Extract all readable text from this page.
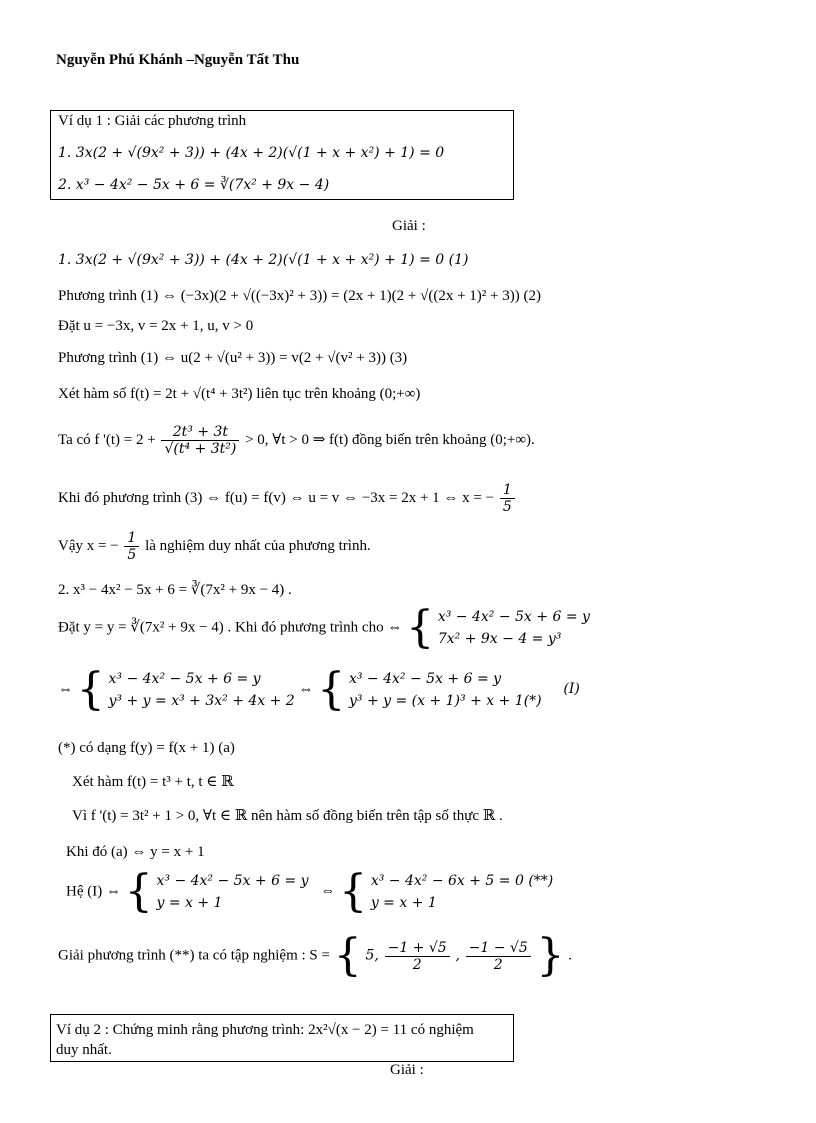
Nguyễn Phú Khánh –Nguyễn Tất Thu
Ví dụ 1 : Giải các phương trình
1. 3x(2 + √(9x² + 3)) + (4x + 2)(√(1 + x + x²) + 1) = 0
2. x³ − 4x² − 5x + 6 = ∛(7x² + 9x − 4)
Giải :
1. 3x(2 + √(9x² + 3)) + (4x + 2)(√(1 + x + x²) + 1) = 0 (1)
Phương trình (1) ⇔ (−3x)(2 + √((−3x)² + 3)) = (2x + 1)(2 + √((2x + 1)² + 3)) (2)
Đặt u = −3x, v = 2x + 1, u, v > 0
Phương trình (1) ⇔ u(2 + √(u² + 3)) = v(2 + √(v² + 3)) (3)
Xét hàm số f(t) = 2t + √(t⁴ + 3t²) liên tục trên khoảng (0;+∞)
Ta có f '$(t) = 2 + \frac{\text{2t³ + 3t}}{\text{√(t⁴ + 3t²)}} > 0$, ∀t > 0 ⇒ f(t) đồng biến trên khoảng (0;+∞).
Khi đó phương trình (3) ⇔ f(u) = f(v) ⇔ u = v ⇔ −3x = 2x + 1 ⇔ x = − $\frac{1}{5}$
Vậy x = − $\frac{1}{5}$ là nghiệm duy nhất của phương trình.
2. x³ − 4x² − 5x + 6 = ∛(7x² + 9x − 4) .
Đặt y = y = ∛(7x² + 9x − 4) . Khi đó phương trình cho ⇔ { x³ − 4x² − 5x + 6 = y
7x² + 9x − 4 = y³
⇔ { x³ − 4x² − 5x + 6 = y
y³ + y = x³ + 3x² + 4x + 2 ⇔ { x³ − 4x² − 5x + 6 = y
y³ + y = (x + 1)³ + x + 1(*) (I)
(*) có dạng f(y) = f(x + 1) (a)
Xét hàm f(t) = t³ + t, t ∈ ℝ
Vì f '(t) = 3t² + 1 > 0, ∀t ∈ ℝ nên hàm số đồng biến trên tập số thực ℝ .
Khi đó (a) ⇔ y = x + 1
Hệ (I) ⇔ { x³ − 4x² − 5x + 6 = y
y = x + 1 ⇔ { x³ − 4x² − 6x + 5 = 0 (**)
y = x + 1
Giải phương trình (**) ta có tập nghiệm : S = { 5, $\frac{-1 + √5}{2}$ , $\frac{-1 - √5}{2}$ } .
Ví dụ 2 : Chứng minh rằng phương trình: 2x²√(x − 2) = 11 có nghiệm
duy nhất.
Giải :
